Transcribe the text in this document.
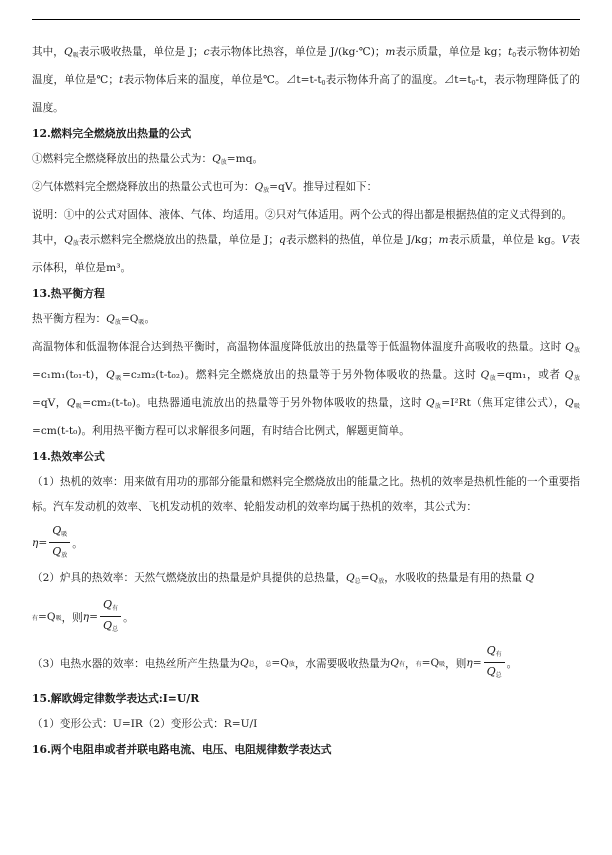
其中，$Q_吸$表示吸收热量，单位是 J；c表示物体比热容，单位是 J/(kg·℃)；m表示质量，单位是 kg；$t_0$表示物体初始温度，单位是℃；t表示物体后来的温度，单位是℃。$⊿t=t-t_0$表示物体升高了的温度。$⊿t=t_0-t$，表示物理降低了的温度。

12.燃料完全燃烧放出热量的公式

①燃料完全燃烧释放出的热量公式为：$Q_放=mq$。

②气体燃料完全燃烧释放出的热量公式也可为：$Q_放=qV$。推导过程如下：

说明：①中的公式对固体、液体、气体、均适用。②只对气体适用。两个公式的得出都是根据热值的定义式得到的。

其中，$Q_放$表示燃料完全燃烧放出的热量，单位是 J；q表示燃料的热值，单位是 J/kg；m表示质量，单位是 kg。V表示体积，单位是m³。

13.热平衡方程

热平衡方程为：$Q_放=Q_吸$。

高温物体和低温物体混合达到热平衡时，高温物体温度降低放出的热量等于低温物体温度升高吸收的热量。这时 $Q_放=c_1m_1(t_{01}-t)$，$Q_吸=c_2m_2(t-t_{02})$。燃料完全燃烧放出的热量等于另外物体吸收的热量。这时 $Q_放=qm_1$，或者 $Q_放=qV$，$Q_吸=cm_2(t-t_0)$。电热器通电流放出的热量等于另外物体吸收的热量，这时 $Q_放=I^2Rt$（焦耳定律公式），$Q_吸=cm(t-t_0)$。利用热平衡方程可以求解很多问题，有时结合比例式，解题更简单。

14.热效率公式

（1）热机的效率：用来做有用功的那部分能量和燃料完全燃烧放出的能量之比。热机的效率是热机性能的一个重要指标。汽车发动机的效率、飞机发动机的效率、轮船发动机的效率均属于热机的效率，其公式为：

$\eta = \frac{Q_吸}{Q_放}$ 。

（2）炉具的热效率：天然气燃烧放出的热量是炉具提供的总热量，$Q_总=Q_放$，水吸收的热量是有用的热量 Q

有 =Q 吸 ，则 $\eta = \frac{Q_有}{Q_总}$ 。
（3）电热水器的效率：电热丝所产生热量为 Q 总 ， 总 =Q 放 ，水需要吸收热量为 Q 有 ， 有 =Q 吸 ，则 $\eta = \frac{Q_有}{Q_总}$ 。

15.解欧姆定律数学表达式:I=U/R

（1）变形公式：U=IR（2）变形公式：R=U/I

16.两个电阻串或者并联电路电流、电压、电阻规律数学表达式
